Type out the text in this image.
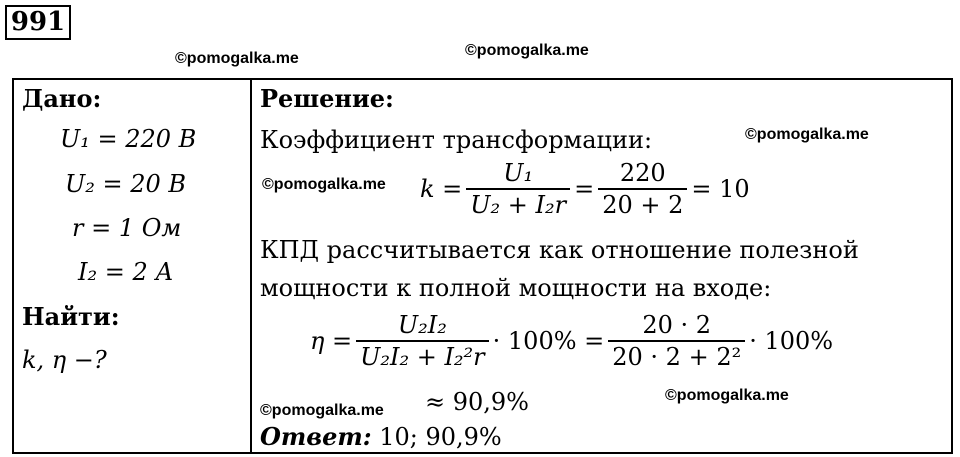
991
©pomogalka.me	©pomogalka.me
©pomogalka.me
©pomogalka.me
©pomogalka.me
©pomogalka.me
Дано:
U₁ = 220 В
U₂ = 20 В
r = 1 Ом
I₂ = 2 А
Найти:
k, η −?
Решение:
Коэффициент трансформации:
$k = \frac{\text{U₁}}{\text{U₂ + I₂r}} = \frac{220}{20 + 2} = 10$
КПД рассчитывается как отношение полезной
мощности к полной мощности на входе:
$\eta = \frac{\text{U₂I₂}}{\text{U₂I₂ + I₂²r}} \cdot 100\% = \frac{20 \cdot 2}{\text{20 · 2 + 2²}} \cdot 100\%$
≈ 90,9%
Ответ: 10; 90,9%
